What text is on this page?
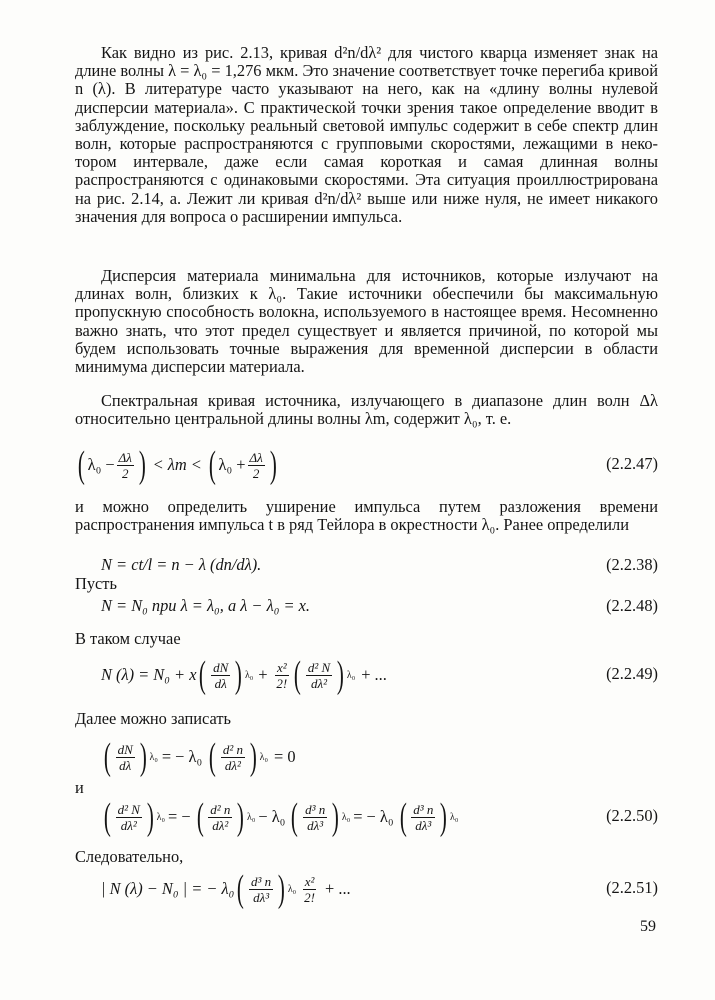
Как видно из рис. 2.13, кривая d²n/dλ² для чистого кварца изменяет знак на длине волны λ = λ₀ = 1,276 мкм. Это значение соответствует точке перегиба кривой n (λ). В литературе часто указывают на него, как на «длину волны нулевой дисперсии материала». С практической точки зрения такое определение вводит в заблуждение, поскольку реальный световой импульс содержит в себе спектр длин волн, которые распространяются с групповыми скоростями, лежащими в некотором интервале, даже если самая короткая и самая длинная волны распространяются с одинаковыми скоростями. Эта ситуация проиллюстрирована на рис. 2.14, а. Лежит ли кривая d²n/dλ² выше или ниже нуля, не имеет никакого значения для вопроса о расширении импульса.

Дисперсия материала минимальна для источников, которые излучают на длинах волн, близких к λ₀. Такие источники обеспечили бы максимальную пропускную способность волокна, используемого в настоящее время. Несомненно важно знать, что этот предел существует и является причиной, по которой мы будем использовать точные выражения для временной дисперсии в области минимума дисперсии материала.

Спектральная кривая источника, излучающего в диапазоне длин волн Δλ относительно центральной длины волны λm, содержит λ₀, т. е.

( $\lambda_0 - \frac{\Delta\lambda}{2}$ ) < λm < ( $\lambda_0 + \frac{\Delta\lambda}{2}$ )	(2.2.47)

и можно определить уширение импульса путем разложения времени распространения импульса t в ряд Тейлора в окрестности λ₀. Ранее определили

N = ct/l = n − λ (dn/dλ).	(2.2.38)
Пусть
N = N₀ при λ = λ₀, а λ − λ₀ = x.	(2.2.48)
В таком случае
N (λ) = N₀ + x ( $\frac{dN}{d\lambda}$ ) $\lambda_0 + \frac{\text{x²}}{2!}$ ( $\frac{\text{d² N}}{\text{dλ²}}$ ) λ₀ + ...	(2.2.49)
Далее можно записать
( $\frac{dN}{d\lambda}$ ) λ₀ = − λ₀ ( $\frac{\text{d² n}}{\text{dλ²}}$ ) λ₀ = 0
и
( $\frac{\text{d² N}}{\text{dλ²}}$ ) λ₀ = − ( $\frac{\text{d² n}}{\text{dλ²}}$ ) λ₀ − λ₀ ( $\frac{\text{d³ n}}{\text{dλ³}}$ ) λ₀ = − λ₀ ( $\frac{\text{d³ n}}{\text{dλ³}}$ ) λ₀	(2.2.50)
Следовательно,
| N (λ) − N₀ | = − λ₀ ( $\frac{\text{d³ n}}{\text{dλ³}}$ ) $\lambda_0 \frac{\text{x²}}{2!}$ + ...	(2.2.51)
59
